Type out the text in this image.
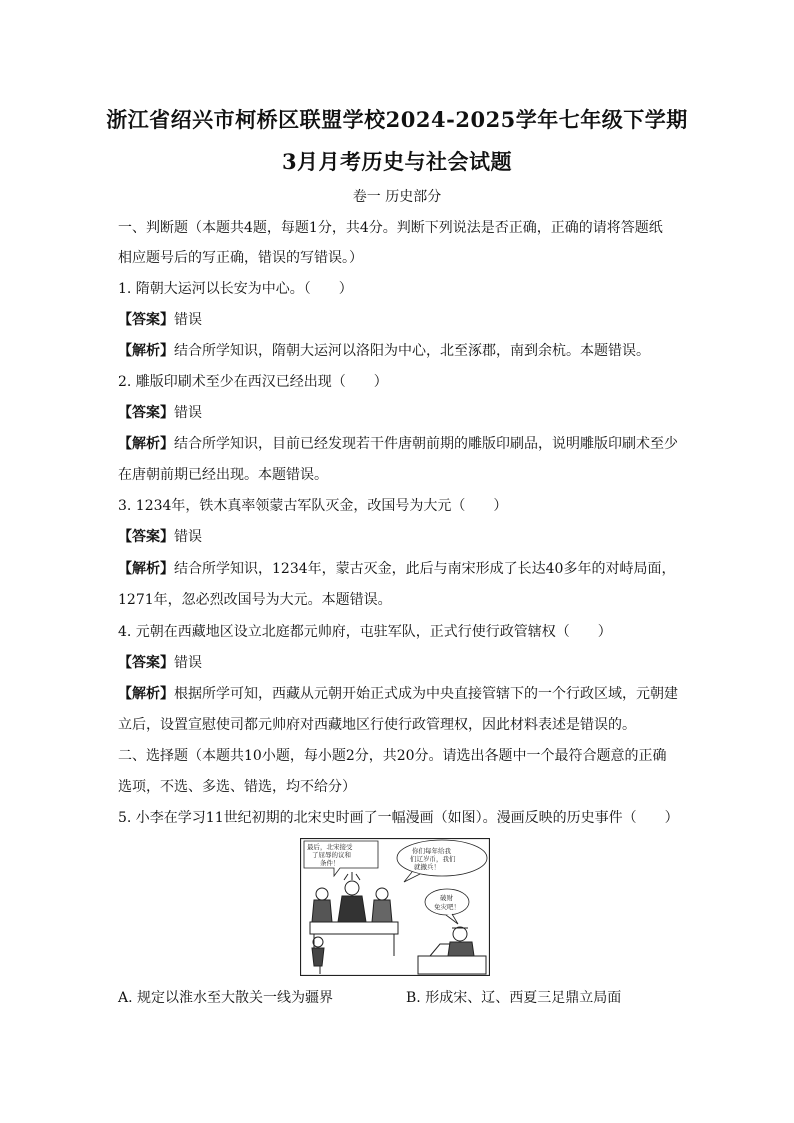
浙江省绍兴市柯桥区联盟学校2024-2025学年七年级下学期
3月月考历史与社会试题
卷一 历史部分
一、判断题（本题共4题，每题1分，共4分。判断下列说法是否正确，正确的请将答题纸
相应题号后的写正确，错误的写错误。）
1. 隋朝大运河以长安为中心。（　　）
【答案】错误
【解析】结合所学知识，隋朝大运河以洛阳为中心，北至涿郡，南到余杭。本题错误。
2. 雕版印刷术至少在西汉已经出现（　　）
【答案】错误
【解析】结合所学知识，目前已经发现若干件唐朝前期的雕版印刷品，说明雕版印刷术至少
在唐朝前期已经出现。本题错误。
3. 1234年，铁木真率领蒙古军队灭金，改国号为大元（　　）
【答案】错误
【解析】结合所学知识，1234年，蒙古灭金，此后与南宋形成了长达40多年的对峙局面，
1271年，忽必烈改国号为大元。本题错误。
4. 元朝在西藏地区设立北庭都元帅府，屯驻军队，正式行使行政管辖权（　　）
【答案】错误
【解析】根据所学可知，西藏从元朝开始正式成为中央直接管辖下的一个行政区域，元朝建
立后，设置宣慰使司都元帅府对西藏地区行使行政管理权，因此材料表述是错误的。
二、选择题（本题共10小题，每小题2分，共20分。请选出各题中一个最符合题意的正确
选项，不选、多选、错选，均不给分）
5. 小李在学习11世纪初期的北宋史时画了一幅漫画（如图）。漫画反映的历史事件（　　）
最后，北宋接受
了屈辱的议和
条件！
你们每年给我
们辽岁币，我们
就撤兵！
破财
免灾吧！
A. 规定以淮水至大散关一线为疆界	B. 形成宋、辽、西夏三足鼎立局面
